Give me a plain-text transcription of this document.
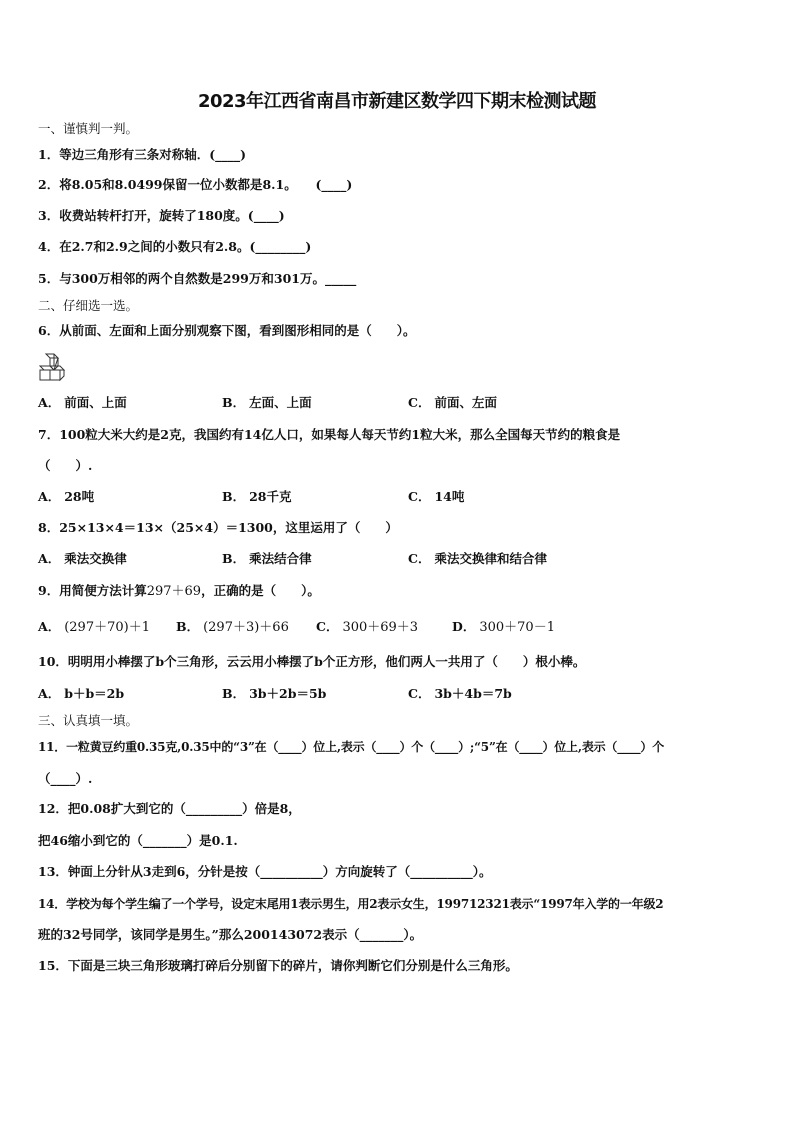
2023年江西省南昌市新建区数学四下期末检测试题
一、谨慎判一判。
1．等边三角形有三条对称轴．(____)
2．将8.05和8.0499保留一位小数都是8.1。　　(____)
3．收费站转杆打开，旋转了180度。(____)
4．在2.7和2.9之间的小数只有2.8。(________)
5．与300万相邻的两个自然数是299万和301万。_____
二、仔细选一选。
6．从前面、左面和上面分别观察下图，看到图形相同的是（　　）。
A． 前面、上面	B． 左面、上面	C． 前面、左面
7．100粒大米大约是2克，我国约有14亿人口，如果每人每天节约1粒大米，那么全国每天节约的粮食是
（　　）.
A． 28吨	B． 28千克	C． 14吨
8．25×13×4＝13×（25×4）＝1300，这里运用了（　　）
A． 乘法交换律	B． 乘法结合律	C． 乘法交换律和结合律
9．用简便方法计算297＋69，正确的是（　　）。
A． (297＋70)＋1 B． (297＋3)＋66 C． 300＋69＋3	D． 300＋70－1
10．明明用小棒摆了b个三角形，云云用小棒摆了b个正方形，他们两人一共用了（　　）根小棒。
A． b＋b＝2b	B． 3b＋2b＝5b	C． 3b＋4b＝7b
三、认真填一填。
11．一粒黄豆约重0.35克,0.35中的“3”在（____）位上,表示（____）个（____）;“5”在（____）位上,表示（____）个
（____）.
12．把0.08扩大到它的（_________）倍是8，
把46缩小到它的（_______）是0.1.
13．钟面上分针从3走到6，分针是按（__________）方向旋转了（__________）。
14．学校为每个学生编了一个学号，设定末尾用1表示男生，用2表示女生，199712321表示“1997年入学的一年级2
班的32号同学，该同学是男生。”那么200143072表示（_______）。
15．下面是三块三角形玻璃打碎后分别留下的碎片，请你判断它们分别是什么三角形。
